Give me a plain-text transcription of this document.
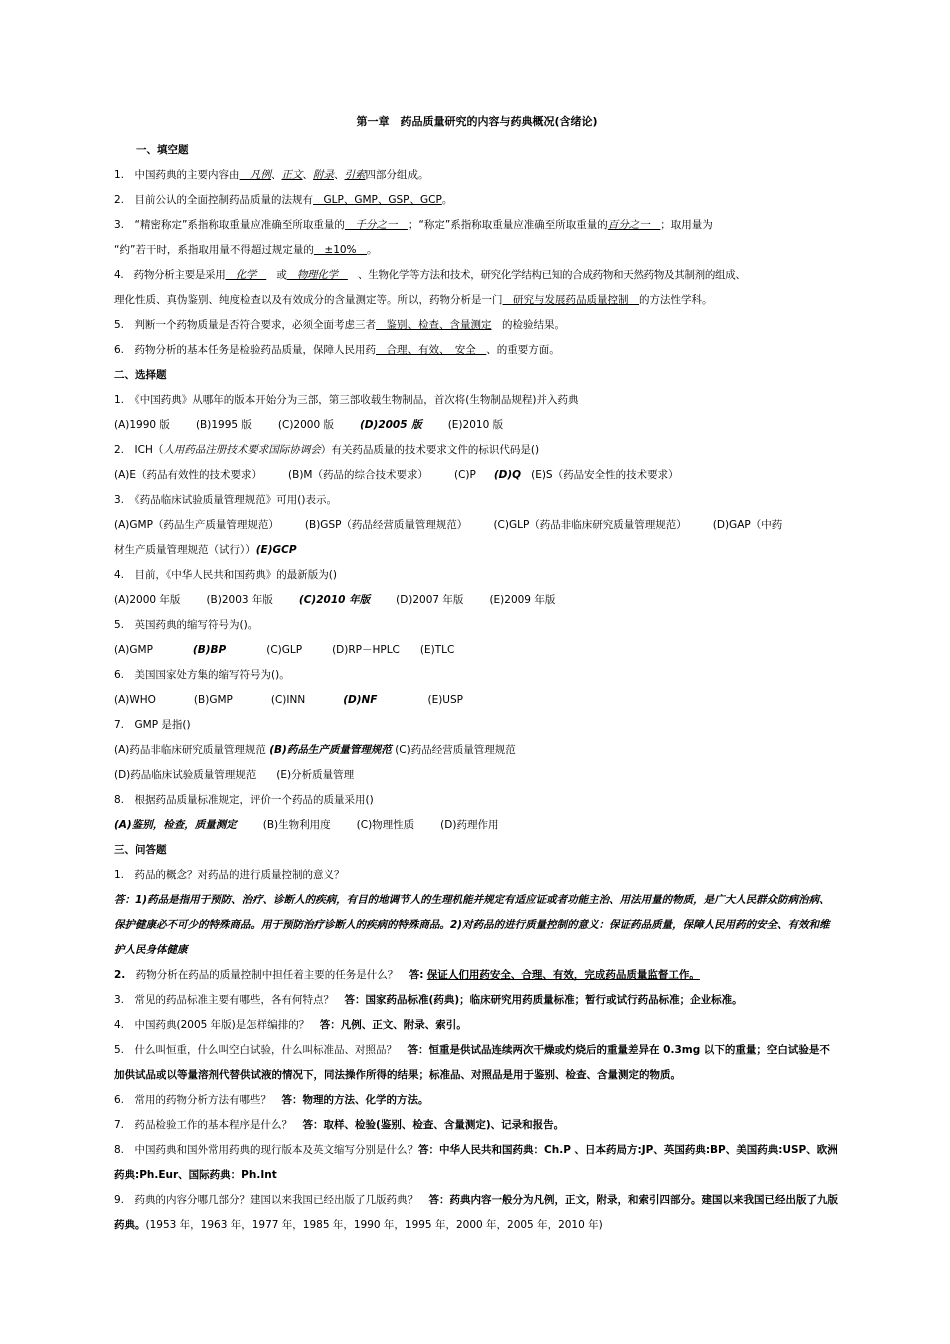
第一章　药品质量研究的内容与药典概况(含绪论)
一、填空题

1.　中国药典的主要内容由　凡例、正文、附录、引索四部分组成。

2.　目前公认的全面控制药品质量的法规有　GLP、GMP、GSP、GCP。

3.　“精密称定”系指称取重量应准确至所取重量的　千分之一　；“称定”系指称取重量应准确至所取重量的百分之一　；取用量为

“约”若干时，系指取用量不得超过规定量的　±10%　。

4.　药物分析主要是采用　化学　　或　物理化学　　、生物化学等方法和技术，研究化学结构已知的合成药物和天然药物及其制剂的组成、

理化性质、真伪鉴别、纯度检查以及有效成分的含量测定等。所以，药物分析是一门　研究与发展药品质量控制　的方法性学科。

5.　判断一个药物质量是否符合要求，必须全面考虑三者　鉴别、检查、含量测定　的检验结果。

6.　药物分析的基本任务是检验药品质量，保障人民用药　合理、有效、　安全　、的重要方面。

二、选择题

1.　《中国药典》从哪年的版本开始分为三部，第三部收载生物制品，首次将(生物制品规程)并入药典

(A)1990 版 (B)1995 版 (C)2000 版 (D)2005 版 (E)2010 版

2.　ICH（人用药品注册技术要求国际协调会）有关药品质量的技术要求文件的标识代码是()

(A)E（药品有效性的技术要求） (B)M（药品的综合技术要求） (C)P (D)Q (E)S（药品安全性的技术要求）

3.　《药品临床试验质量管理规范》可用()表示。

(A)GMP（药品生产质量管理规范） (B)GSP（药品经营质量管理规范） (C)GLP（药品非临床研究质量管理规范） (D)GAP（中药

材生产质量管理规范（试行））(E)GCP

4.　目前，《中华人民共和国药典》的最新版为()

(A)2000 年版 (B)2003 年版 (C)2010 年版 (D)2007 年版 (E)2009 年版

5.　英国药典的缩写符号为()。

(A)GMP	(B)BP	(C)GLP	(D)RP－HPLC (E)TLC

6.　美国国家处方集的缩写符号为()。

(A)WHO	(B)GMP	(C)INN	(D)NF	(E)USP

7.　GMP 是指()

(A)药品非临床研究质量管理规范 (B)药品生产质量管理规范 (C)药品经营质量管理规范

(D)药品临床试验质量管理规范 (E)分析质量管理

8.　根据药品质量标准规定，评价一个药品的质量采用()

(A)鉴别，检查，质量测定 (B)生物利用度 (C)物理性质 (D)药理作用

三、问答题

1.　药品的概念？对药品的进行质量控制的意义？

答：1)药品是指用于预防、治疗、诊断人的疾病，有目的地调节人的生理机能并规定有适应证或者功能主治、用法用量的物质，是广大人民群众防病治病、保护健康必不可少的特殊商品。用于预防治疗诊断人的疾病的特殊商品。2)对药品的进行质量控制的意义：保证药品质量，保障人民用药的安全、有效和维护人民身体健康

2.　药物分析在药品的质量控制中担任着主要的任务是什么？　答: 保证人们用药安全、合理、有效，完成药品质量监督工作。

3.　常见的药品标准主要有哪些，各有何特点？　答：国家药品标准(药典)；临床研究用药质量标准；暂行或试行药品标准；企业标准。

4.　中国药典(2005 年版)是怎样编排的？　答：凡例、正文、附录、索引。

5.　什么叫恒重，什么叫空白试验，什么叫标准品、对照品？　答：恒重是供试品连续两次干燥或灼烧后的重量差异在 0.3mg 以下的重量；空白试验是不加供试品或以等量溶剂代替供试液的情况下，同法操作所得的结果；标准品、对照品是用于鉴别、检查、含量测定的物质。

6.　常用的药物分析方法有哪些？　答：物理的方法、化学的方法。

7.　药品检验工作的基本程序是什么？　答：取样、检验(鉴别、检查、含量测定)、记录和报告。

8.　中国药典和国外常用药典的现行版本及英文缩写分别是什么？答：中华人民共和国药典：Ch.P 、日本药局方:JP、英国药典:BP、美国药典:USP、欧洲药典:Ph.Eur、国际药典：Ph.Int

9.　药典的内容分哪几部分？建国以来我国已经出版了几版药典？　答：药典内容一般分为凡例，正文，附录，和索引四部分。建国以来我国已经出版了九版药典。(1953 年，1963 年，1977 年，1985 年，1990 年，1995 年，2000 年，2005 年，2010 年)
